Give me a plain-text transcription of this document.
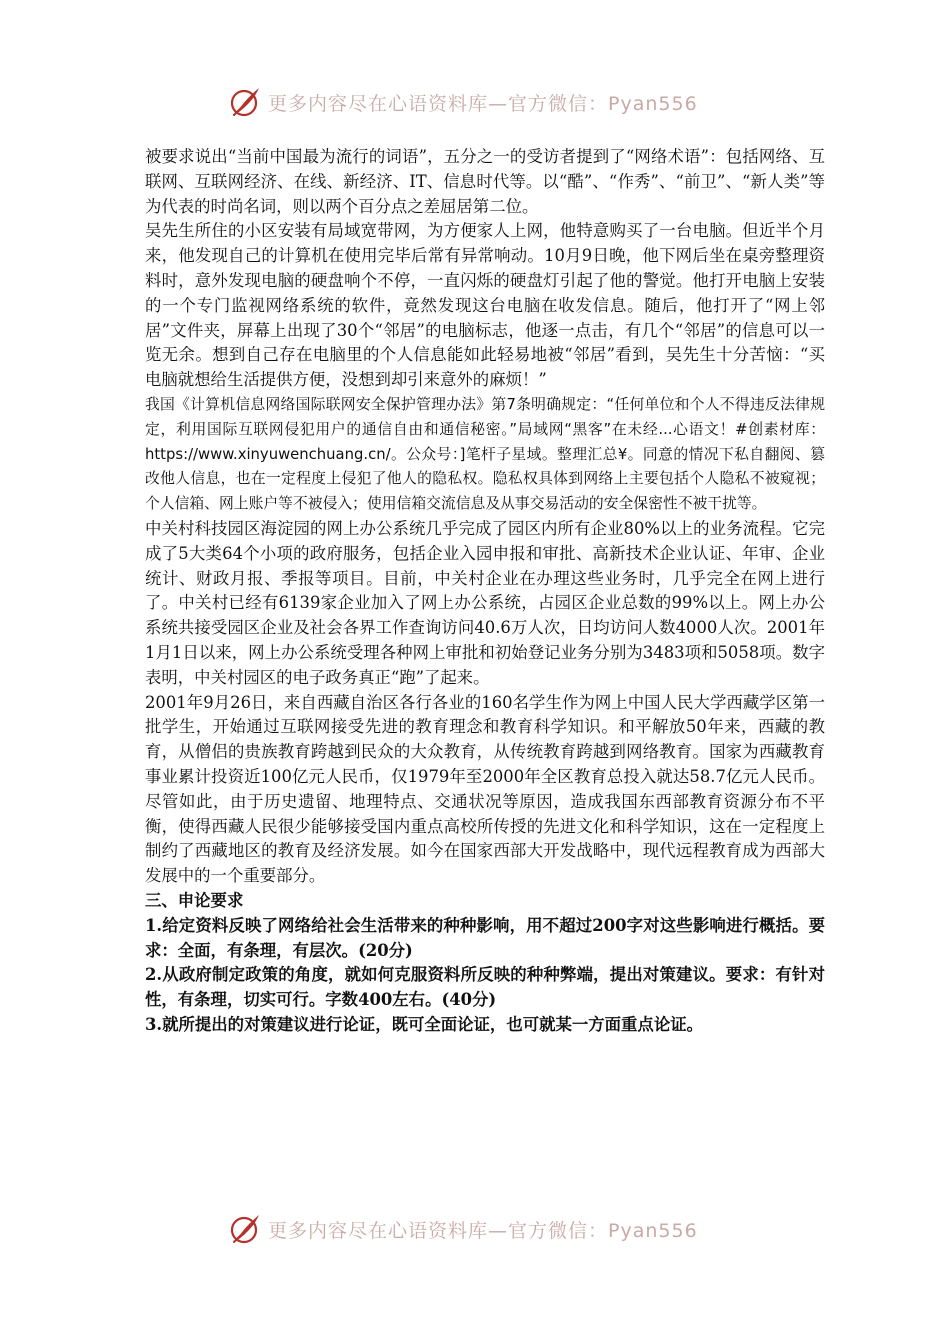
更多内容尽在心语资料库—官方微信：Pyan556

被要求说出“当前中国最为流行的词语”，五分之一的受访者提到了“网络术语”：包括网络、互联网、互联网经济、在线、新经济、IT、信息时代等。以“酷”、“作秀”、“前卫”、“新人类”等为代表的时尚名词，则以两个百分点之差屈居第二位。

吴先生所住的小区安装有局域宽带网，为方便家人上网，他特意购买了一台电脑。但近半个月来，他发现自己的计算机在使用完毕后常有异常响动。10月9日晚，他下网后坐在桌旁整理资料时，意外发现电脑的硬盘响个不停，一直闪烁的硬盘灯引起了他的警觉。他打开电脑上安装的一个专门监视网络系统的软件，竟然发现这台电脑在收发信息。随后，他打开了“网上邻居”文件夹，屏幕上出现了30个“邻居”的电脑标志，他逐一点击，有几个“邻居”的信息可以一览无余。想到自己存在电脑里的个人信息能如此轻易地被“邻居”看到，吴先生十分苦恼：“买电脑就想给生活提供方便，没想到却引来意外的麻烦！”

我国《计算机信息网络国际联网安全保护管理办法》第7条明确规定：“任何单位和个人不得违反法律规定，利用国际互联网侵犯用户的通信自由和通信秘密。”局域网“黑客”在未经...心语文！#创素材库：https://www.xinyuwenchuang.cn/。公众号：]笔杆子星域。整理汇总¥。同意的情况下私自翻阅、篡改他人信息，也在一定程度上侵犯了他人的隐私权。隐私权具体到网络上主要包括个人隐私不被窥视；个人信箱、网上账户等不被侵入；使用信箱交流信息及从事交易活动的安全保密性不被干扰等。

中关村科技园区海淀园的网上办公系统几乎完成了园区内所有企业80%以上的业务流程。它完成了5大类64个小项的政府服务，包括企业入园申报和审批、高新技术企业认证、年审、企业统计、财政月报、季报等项目。目前，中关村企业在办理这些业务时，几乎完全在网上进行了。中关村已经有6139家企业加入了网上办公系统，占园区企业总数的99%以上。网上办公系统共接受园区企业及社会各界工作查询访问40.6万人次，日均访问人数4000人次。2001年1月1日以来，网上办公系统受理各种网上审批和初始登记业务分别为3483项和5058项。数字表明，中关村园区的电子政务真正“跑”了起来。

2001年9月26日，来自西藏自治区各行各业的160名学生作为网上中国人民大学西藏学区第一批学生，开始通过互联网接受先进的教育理念和教育科学知识。和平解放50年来，西藏的教育，从僧侣的贵族教育跨越到民众的大众教育，从传统教育跨越到网络教育。国家为西藏教育事业累计投资近100亿元人民币，仅1979年至2000年全区教育总投入就达58.7亿元人民币。尽管如此，由于历史遗留、地理特点、交通状况等原因，造成我国东西部教育资源分布不平衡，使得西藏人民很少能够接受国内重点高校所传授的先进文化和科学知识，这在一定程度上制约了西藏地区的教育及经济发展。如今在国家西部大开发战略中，现代远程教育成为西部大发展中的一个重要部分。

三、申论要求

1.给定资料反映了网络给社会生活带来的种种影响，用不超过200字对这些影响进行概括。要求：全面，有条理，有层次。(20分)

2.从政府制定政策的角度，就如何克服资料所反映的种种弊端，提出对策建议。要求：有针对性，有条理，切实可行。字数400左右。(40分)

3.就所提出的对策建议进行论证，既可全面论证，也可就某一方面重点论证。

更多内容尽在心语资料库—官方微信：Pyan556
